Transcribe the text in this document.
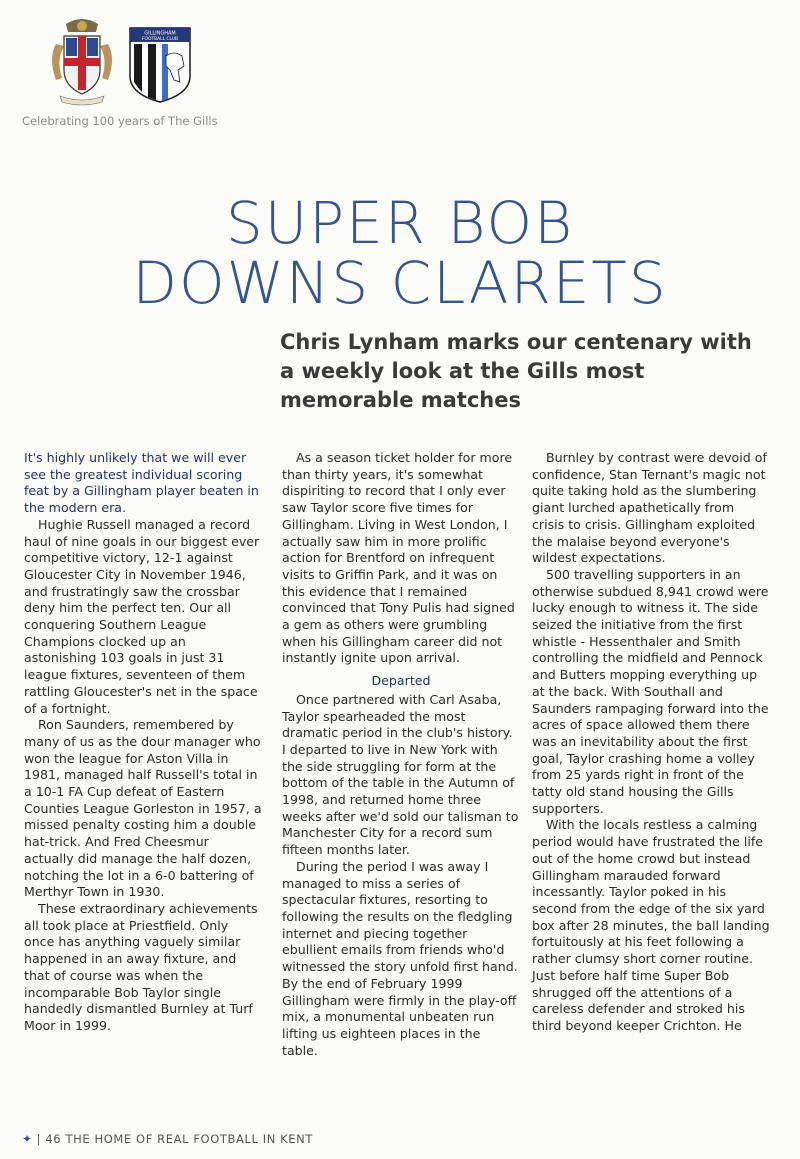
GILLINGHAM
FOOTBALL CLUB
Celebrating 100 years of The Gills
SUPER BOB
DOWNS CLARETS

Chris Lynham marks our centenary with a weekly look at the Gills most memorable matches

It's highly unlikely that we will ever see the greatest individual scoring feat by a Gillingham player beaten in the modern era.

Hughie Russell managed a record haul of nine goals in our biggest ever competitive victory, 12-1 against Gloucester City in November 1946, and frustratingly saw the crossbar deny him the perfect ten. Our all conquering Southern League Champions clocked up an astonishing 103 goals in just 31 league fixtures, seventeen of them rattling Gloucester's net in the space of a fortnight.

Ron Saunders, remembered by many of us as the dour manager who won the league for Aston Villa in 1981, managed half Russell's total in a 10-1 FA Cup defeat of Eastern Counties League Gorleston in 1957, a missed penalty costing him a double hat-trick. And Fred Cheesmur actually did manage the half dozen, notching the lot in a 6-0 battering of Merthyr Town in 1930.

These extraordinary achievements all took place at Priestfield. Only once has anything vaguely similar happened in an away fixture, and that of course was when the incomparable Bob Taylor single handedly dismantled Burnley at Turf Moor in 1999.

As a season ticket holder for more than thirty years, it's somewhat dispiriting to record that I only ever saw Taylor score five times for Gillingham. Living in West London, I actually saw him in more prolific action for Brentford on infrequent visits to Griffin Park, and it was on this evidence that I remained convinced that Tony Pulis had signed a gem as others were grumbling when his Gillingham career did not instantly ignite upon arrival.

Departed

Once partnered with Carl Asaba, Taylor spearheaded the most dramatic period in the club's history. I departed to live in New York with the side struggling for form at the bottom of the table in the Autumn of 1998, and returned home three weeks after we'd sold our talisman to Manchester City for a record sum fifteen months later.

During the period I was away I managed to miss a series of spectacular fixtures, resorting to following the results on the fledgling internet and piecing together ebullient emails from friends who'd witnessed the story unfold first hand. By the end of February 1999 Gillingham were firmly in the play-off mix, a monumental unbeaten run lifting us eighteen places in the table.

Burnley by contrast were devoid of confidence, Stan Ternant's magic not quite taking hold as the slumbering giant lurched apathetically from crisis to crisis. Gillingham exploited the malaise beyond everyone's wildest expectations.

500 travelling supporters in an otherwise subdued 8,941 crowd were lucky enough to witness it. The side seized the initiative from the first whistle - Hessenthaler and Smith controlling the midfield and Pennock and Butters mopping everything up at the back. With Southall and Saunders rampaging forward into the acres of space allowed them there was an inevitability about the first goal, Taylor crashing home a volley from 25 yards right in front of the tatty old stand housing the Gills supporters.

With the locals restless a calming period would have frustrated the life out of the home crowd but instead Gillingham marauded forward incessantly. Taylor poked in his second from the edge of the six yard box after 28 minutes, the ball landing fortuitously at his feet following a rather clumsy short corner routine. Just before half time Super Bob shrugged off the attentions of a careless defender and stroked his third beyond keeper Crichton. He

✦ | 46 THE HOME OF REAL FOOTBALL IN KENT
